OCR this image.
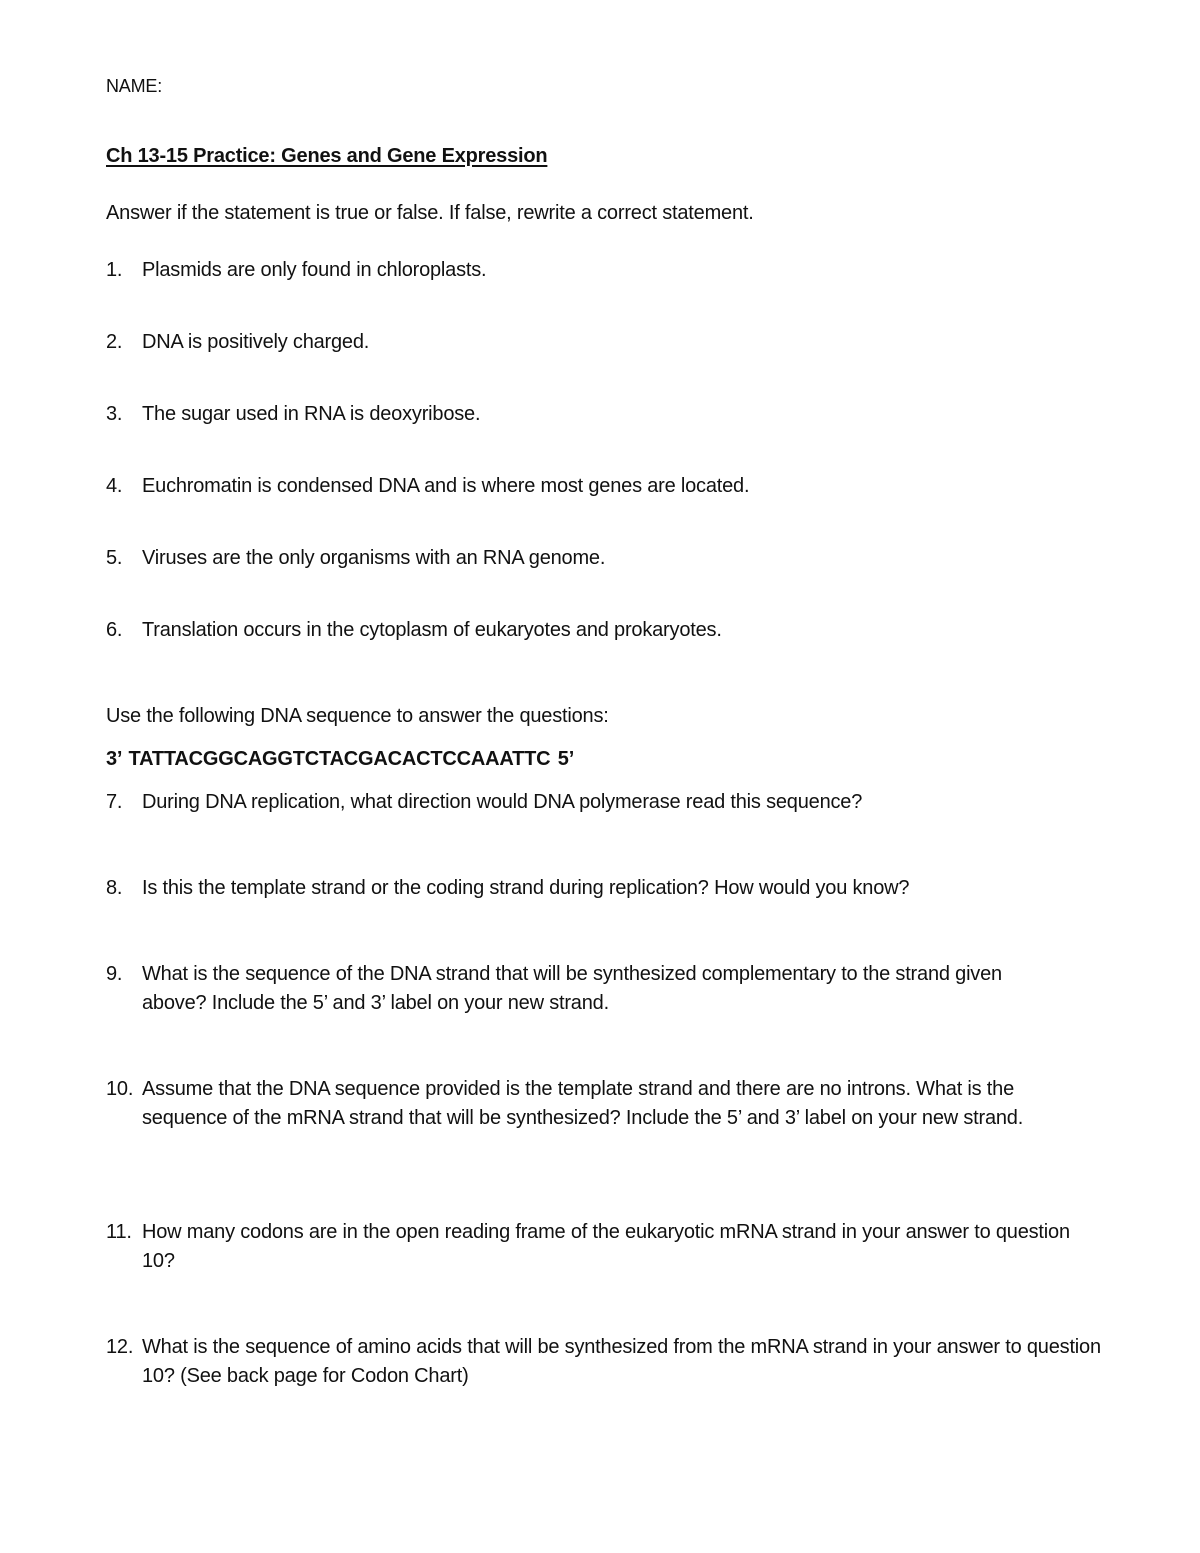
NAME:
Ch 13-15 Practice: Genes and Gene Expression
Answer if the statement is true or false. If false, rewrite a correct statement.
1. Plasmids are only found in chloroplasts.
2. DNA is positively charged.
3. The sugar used in RNA is deoxyribose.
4. Euchromatin is condensed DNA and is where most genes are located.
5. Viruses are the only organisms with an RNA genome.
6. Translation occurs in the cytoplasm of eukaryotes and prokaryotes.
Use the following DNA sequence to answer the questions:
3’ TATTACGGCAGGTCTACGACACTCCAAATTC 5’
7. During DNA replication, what direction would DNA polymerase read this sequence?
8. Is this the template strand or the coding strand during replication? How would you know?
9. What is the sequence of the DNA strand that will be synthesized complementary to the strand given above? Include the 5’ and 3’ label on your new strand.
10. Assume that the DNA sequence provided is the template strand and there are no introns. What is the sequence of the mRNA strand that will be synthesized? Include the 5’ and 3’ label on your new strand.
11. How many codons are in the open reading frame of the eukaryotic mRNA strand in your answer to question 10?
12. What is the sequence of amino acids that will be synthesized from the mRNA strand in your answer to question 10? (See back page for Codon Chart)
